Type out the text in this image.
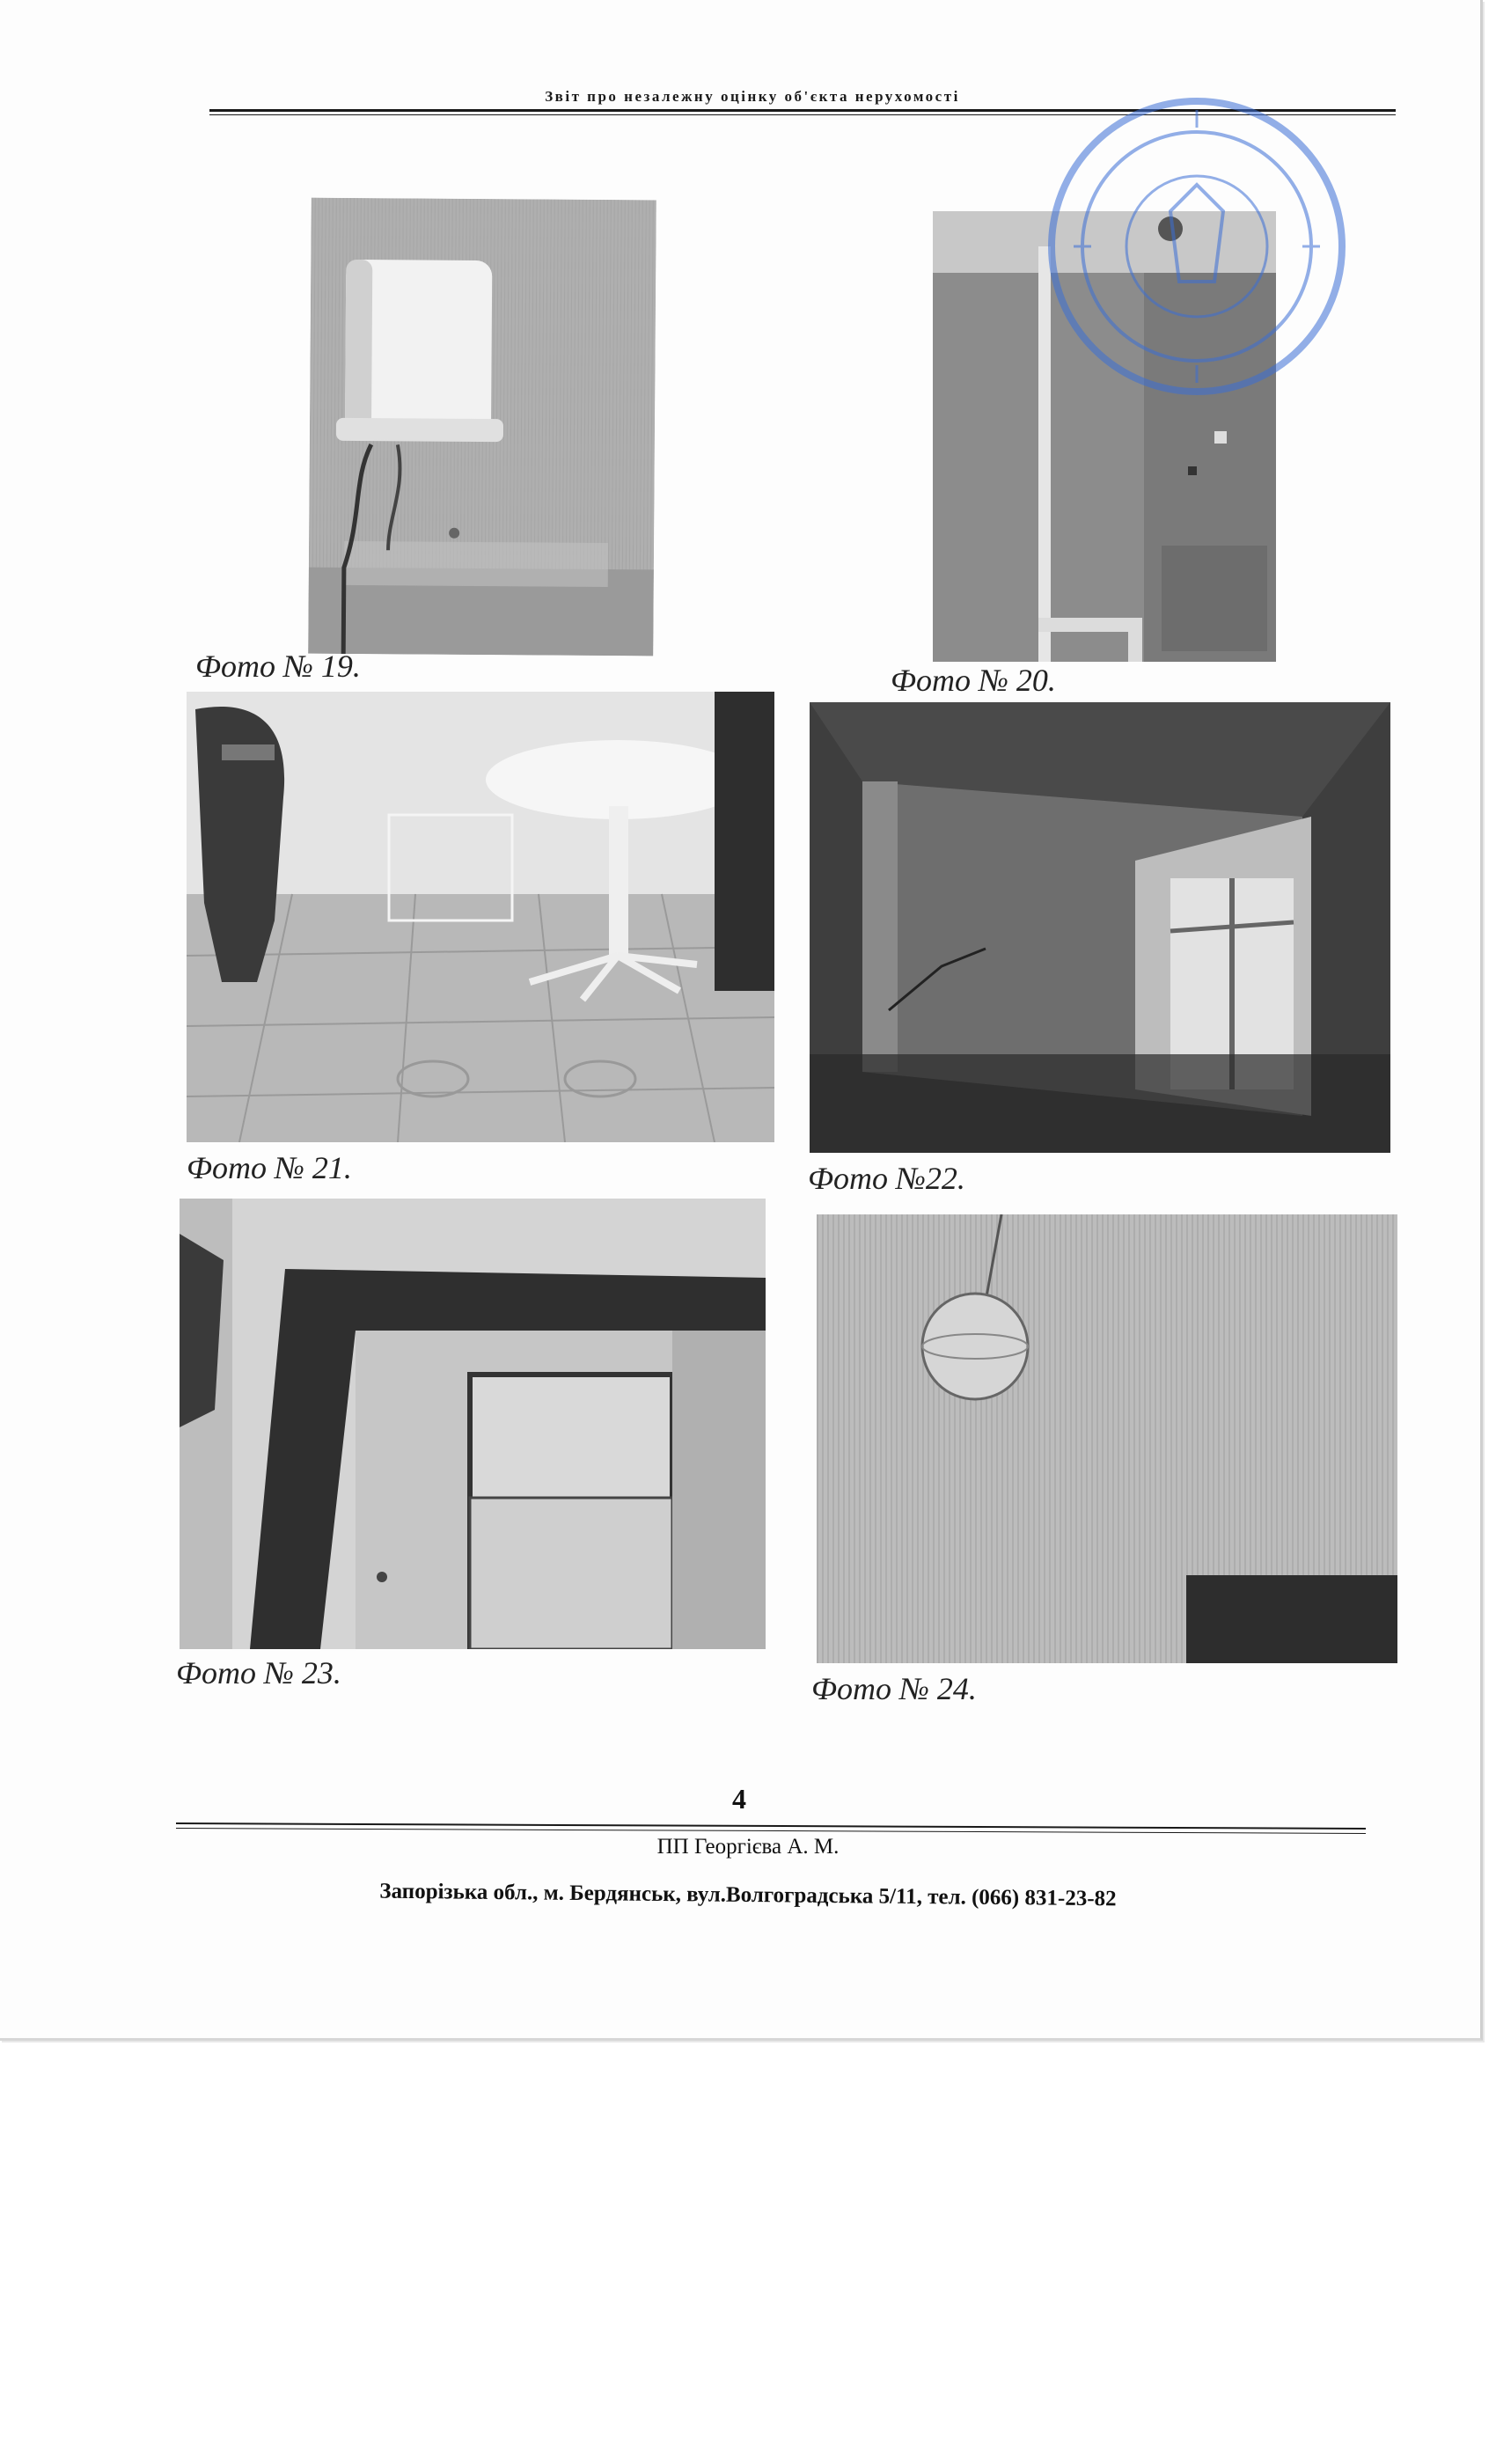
Звіт про незалежну оцінку об'єкта нерухомості
Фото № 19.	Фото № 20.
Фото № 21.	Фото №22.
Фото № 23.	Фото № 24.
4
ПП Георгієва А. М.
Запорізька обл., м. Бердянськ, вул.Волгоградська 5/11, тел. (066) 831-23-82
